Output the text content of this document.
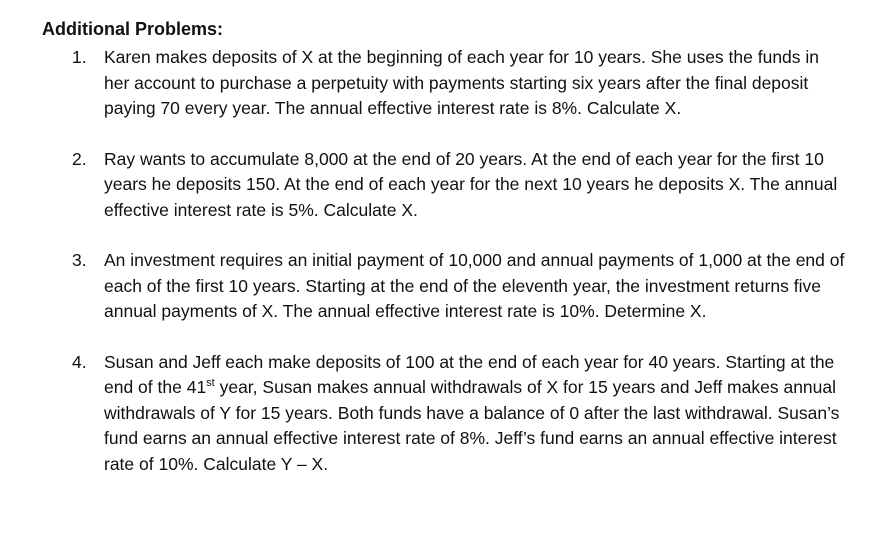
Additional Problems:
1. Karen makes deposits of X at the beginning of each year for 10 years. She uses the funds in her account to purchase a perpetuity with payments starting six years after the final deposit paying 70 every year. The annual effective interest rate is 8%. Calculate X.
2. Ray wants to accumulate 8,000 at the end of 20 years. At the end of each year for the first 10 years he deposits 150. At the end of each year for the next 10 years he deposits X. The annual effective interest rate is 5%. Calculate X.
3. An investment requires an initial payment of 10,000 and annual payments of 1,000 at the end of each of the first 10 years. Starting at the end of the eleventh year, the investment returns five annual payments of X. The annual effective interest rate is 10%. Determine X.
4. Susan and Jeff each make deposits of 100 at the end of each year for 40 years. Starting at the end of the 41st year, Susan makes annual withdrawals of X for 15 years and Jeff makes annual withdrawals of Y for 15 years. Both funds have a balance of 0 after the last withdrawal. Susan’s fund earns an annual effective interest rate of 8%. Jeff’s fund earns an annual effective interest rate of 10%. Calculate Y – X.
